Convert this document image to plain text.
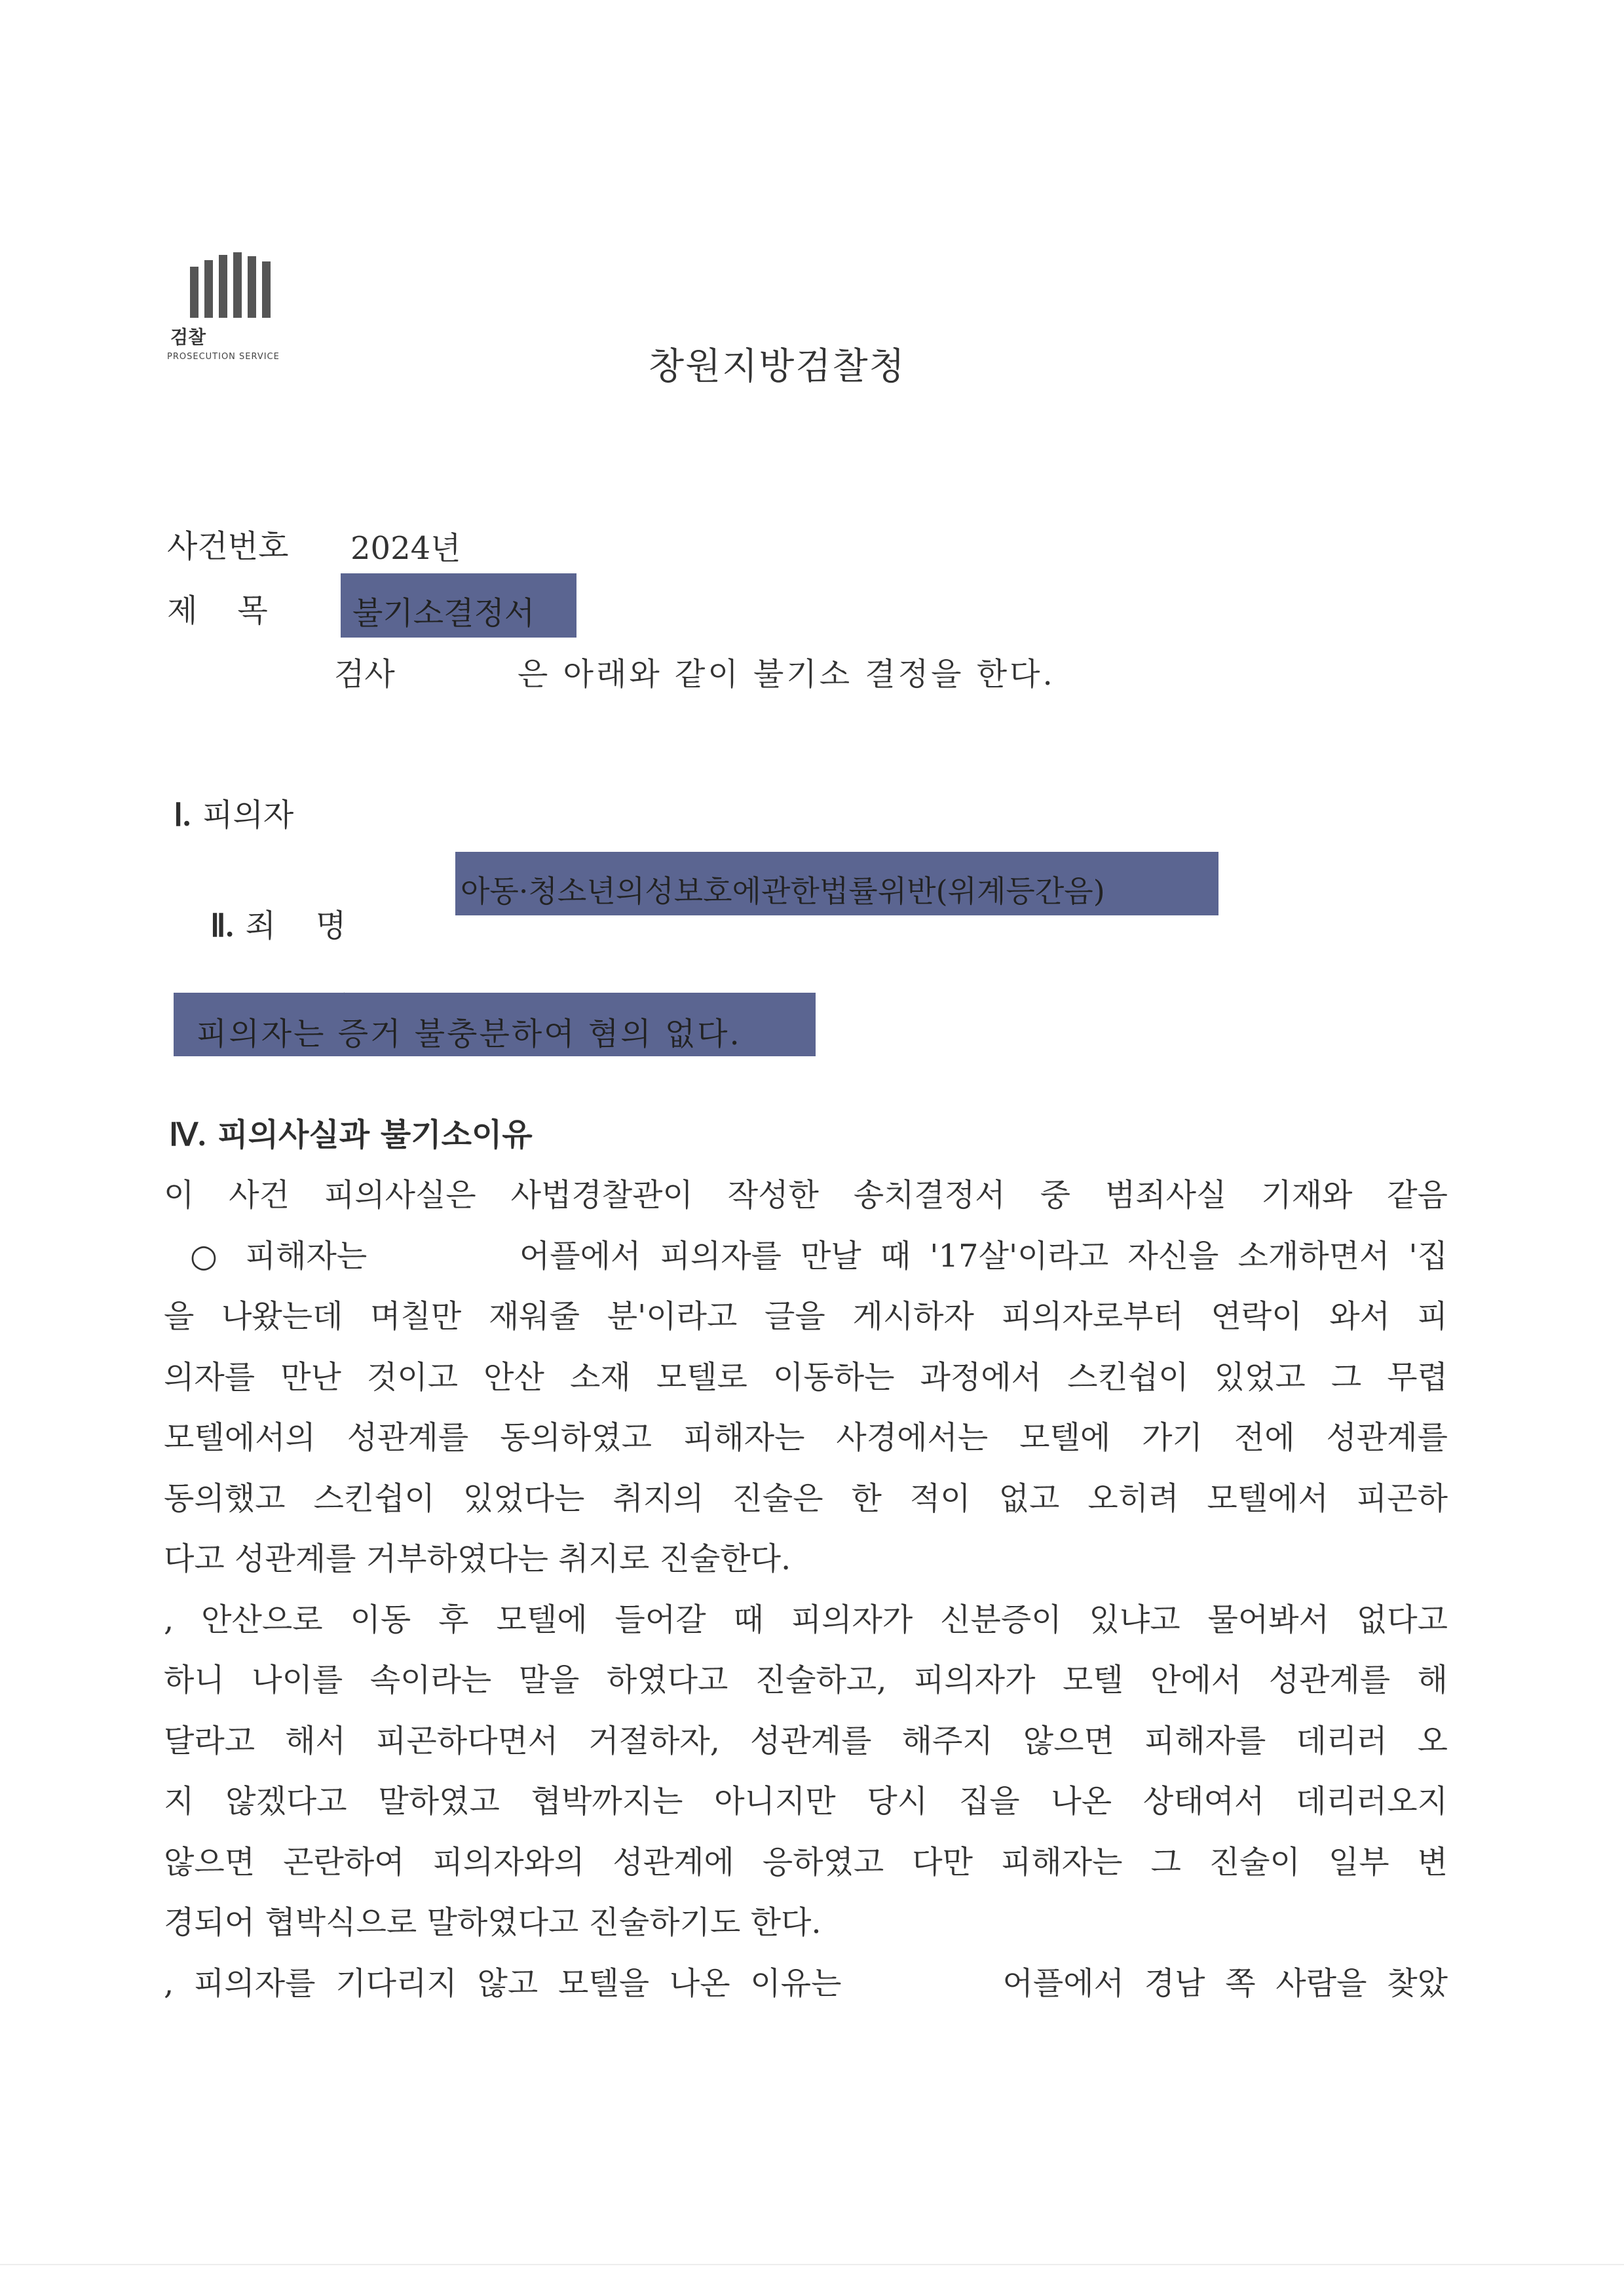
검찰
PROSECUTION SERVICE	창원지방검찰청
사건번호 2024년
제    목	불기소결정서
검사	은 아래와 같이 불기소 결정을 한다.
Ⅰ. 피의자

Ⅱ. 죄    명

아동·청소년의성보호에관한법률위반(위계등간음)

피의자는 증거 불충분하여 혐의 없다.
Ⅳ. 피의사실과 불기소이유
이 사건 피의사실은 사법경찰관이 작성한 송치결정서 중 범죄사실 기재와 같음
○ 피해자는        어플에서 피의자를 만날 때 '17살'이라고 자신을 소개하면서 '집
을 나왔는데 며칠만 재워줄 분'이라고 글을 게시하자 피의자로부터 연락이 와서 피
의자를 만난 것이고 안산 소재 모텔로 이동하는 과정에서 스킨쉽이 있었고 그 무렵
모텔에서의 성관계를 동의하였고 피해자는 사경에서는 모텔에 가기 전에 성관계를
동의했고 스킨쉽이 있었다는 취지의 진술은 한 적이 없고 오히려 모텔에서 피곤하
다고 성관계를 거부하였다는 취지로 진술한다.
, 안산으로 이동 후 모텔에 들어갈 때 피의자가 신분증이 있냐고 물어봐서 없다고
하니 나이를 속이라는 말을 하였다고 진술하고, 피의자가 모텔 안에서 성관계를 해
달라고 해서 피곤하다면서 거절하자, 성관계를 해주지 않으면 피해자를 데리러 오
지 않겠다고 말하였고 협박까지는 아니지만 당시 집을 나온 상태여서 데리러오지
않으면 곤란하여 피의자와의 성관계에 응하였고 다만 피해자는 그 진술이 일부 변
경되어 협박식으로 말하였다고 진술하기도 한다.
, 피의자를 기다리지 않고 모텔을 나온 이유는        어플에서 경남 쪽 사람을 찾았
